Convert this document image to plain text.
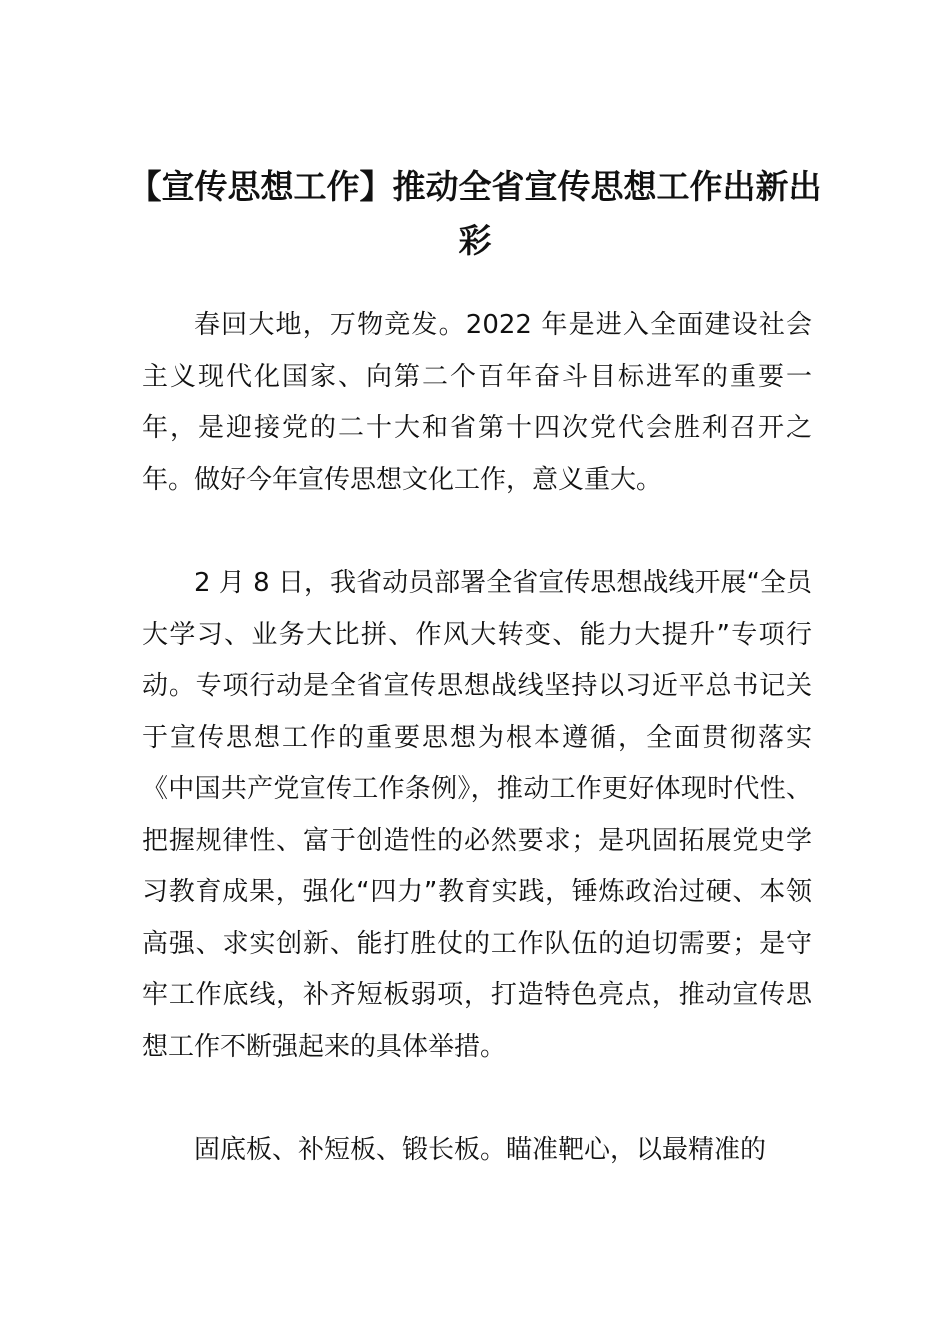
【宣传思想工作】推动全省宣传思想工作出新出彩

春回大地，万物竞发。2022 年是进入全面建设社会主义现代化国家、向第二个百年奋斗目标进军的重要一年，是迎接党的二十大和省第十四次党代会胜利召开之年。做好今年宣传思想文化工作，意义重大。

2 月 8 日，我省动员部署全省宣传思想战线开展“全员大学习、业务大比拼、作风大转变、能力大提升”专项行动。专项行动是全省宣传思想战线坚持以习近平总书记关于宣传思想工作的重要思想为根本遵循，全面贯彻落实《中国共产党宣传工作条例》，推动工作更好体现时代性、把握规律性、富于创造性的必然要求；是巩固拓展党史学习教育成果，强化“四力”教育实践，锤炼政治过硬、本领高强、求实创新、能打胜仗的工作队伍的迫切需要；是守牢工作底线，补齐短板弱项，打造特色亮点，推动宣传思想工作不断强起来的具体举措。

固底板、补短板、锻长板。瞄准靶心，以最精准的
